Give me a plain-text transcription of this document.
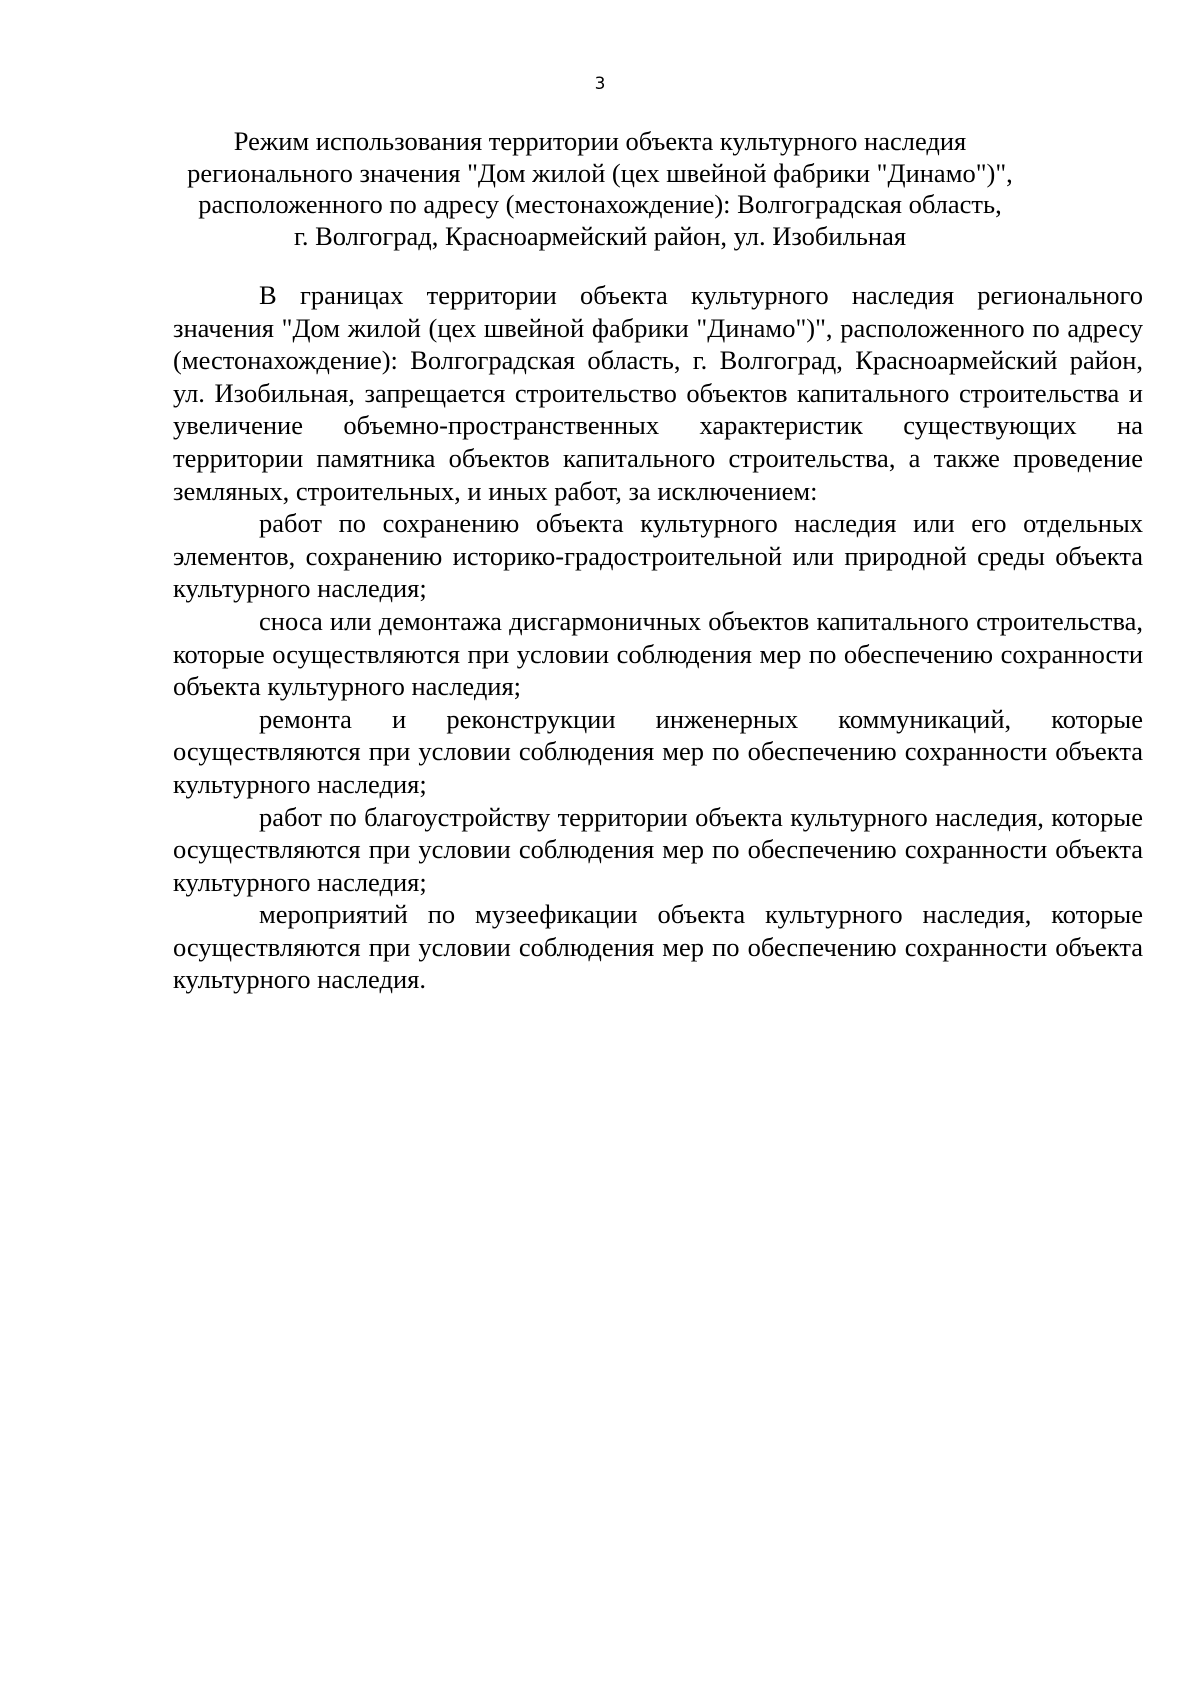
3
Режим использования территории объекта культурного наследия
регионального значения "Дом жилой (цех швейной фабрики "Динамо")",
расположенного по адресу (местонахождение): Волгоградская область,
г. Волгоград, Красноармейский район, ул. Изобильная

В границах территории объекта культурного наследия регионального значения "Дом жилой (цех швейной фабрики "Динамо")", расположенного по адресу (местонахождение): Волгоградская область, г. Волгоград, Красноармейский район, ул. Изобильная, запрещается строительство объектов капитального строительства и увеличение объемно-пространственных характеристик существующих на территории памятника объектов капитального строительства, а также проведение земляных, строительных, и иных работ, за исключением:

работ по сохранению объекта культурного наследия или его отдельных элементов, сохранению историко-градостроительной или природной среды объекта культурного наследия;

сноса или демонтажа дисгармоничных объектов капитального строительства, которые осуществляются при условии соблюдения мер по обеспечению сохранности объекта культурного наследия;

ремонта и реконструкции инженерных коммуникаций, которые осуществляются при условии соблюдения мер по обеспечению сохранности объекта культурного наследия;

работ по благоустройству территории объекта культурного наследия, которые осуществляются при условии соблюдения мер по обеспечению сохранности объекта культурного наследия;

мероприятий по музеефикации объекта культурного наследия, которые осуществляются при условии соблюдения мер по обеспечению сохранности объекта культурного наследия.
